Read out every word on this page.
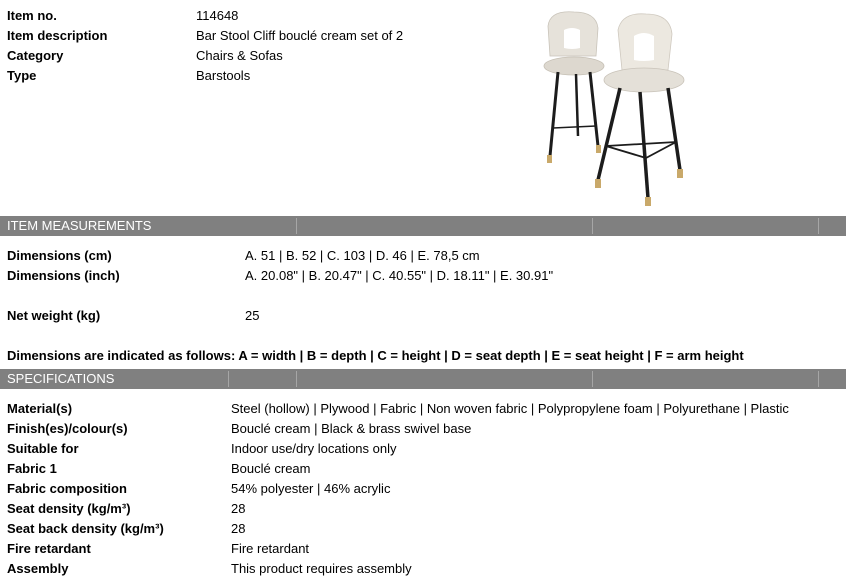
Item no.	114648
Item description	Bar Stool Cliff bouclé cream set of 2
Category	Chairs & Sofas
Type	Barstools
ITEM MEASUREMENTS
Dimensions (cm)	A. 51 | B. 52 | C. 103 | D. 46 | E. 78,5 cm
Dimensions (inch)	A. 20.08" | B. 20.47" | C. 40.55" | D. 18.11" | E. 30.91"
Net weight (kg)	25
Dimensions are indicated as follows: A = width | B = depth | C = height | D = seat depth | E = seat height | F = arm height
SPECIFICATIONS
Material(s)	Steel (hollow) | Plywood | Fabric | Non woven fabric | Polypropylene foam | Polyurethane | Plastic
Finish(es)/colour(s)	Bouclé cream | Black & brass swivel base
Suitable for	Indoor use/dry locations only
Fabric 1	Bouclé cream
Fabric composition	54% polyester | 46% acrylic
Seat density (kg/m³)	28
Seat back density (kg/m³)	28
Fire retardant	Fire retardant
Assembly	This product requires assembly
